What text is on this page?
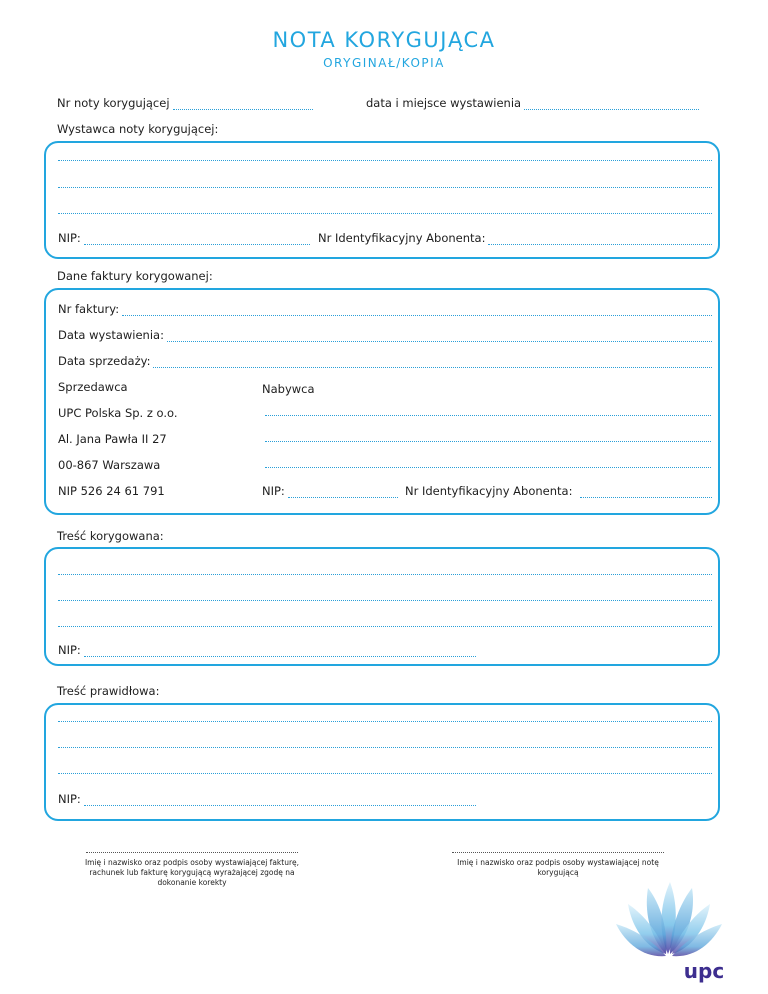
NOTA KORYGUJĄCA
ORYGINAŁ/KOPIA
Nr noty korygującej	data i miejsce wystawienia
Wystawca noty korygującej:
NIP:	Nr Identyfikacyjny Abonenta:
Dane faktury korygowanej:
Nr faktury:
Data wystawienia:
Data sprzedaży:
Sprzedawca	Nabywca
UPC Polska Sp. z o.o.
Al. Jana Pawła II 27
00-867 Warszawa
NIP 526 24 61 791	NIP:	Nr Identyfikacyjny Abonenta:
Treść korygowana:
NIP:
Treść prawidłowa:
NIP:
Imię i nazwisko oraz podpis osoby wystawiającej fakturę, rachunek lub fakturę korygującą wyrażającej zgodę na dokonanie korekty
Imię i nazwisko oraz podpis osoby wystawiającej notę korygującą
upc
